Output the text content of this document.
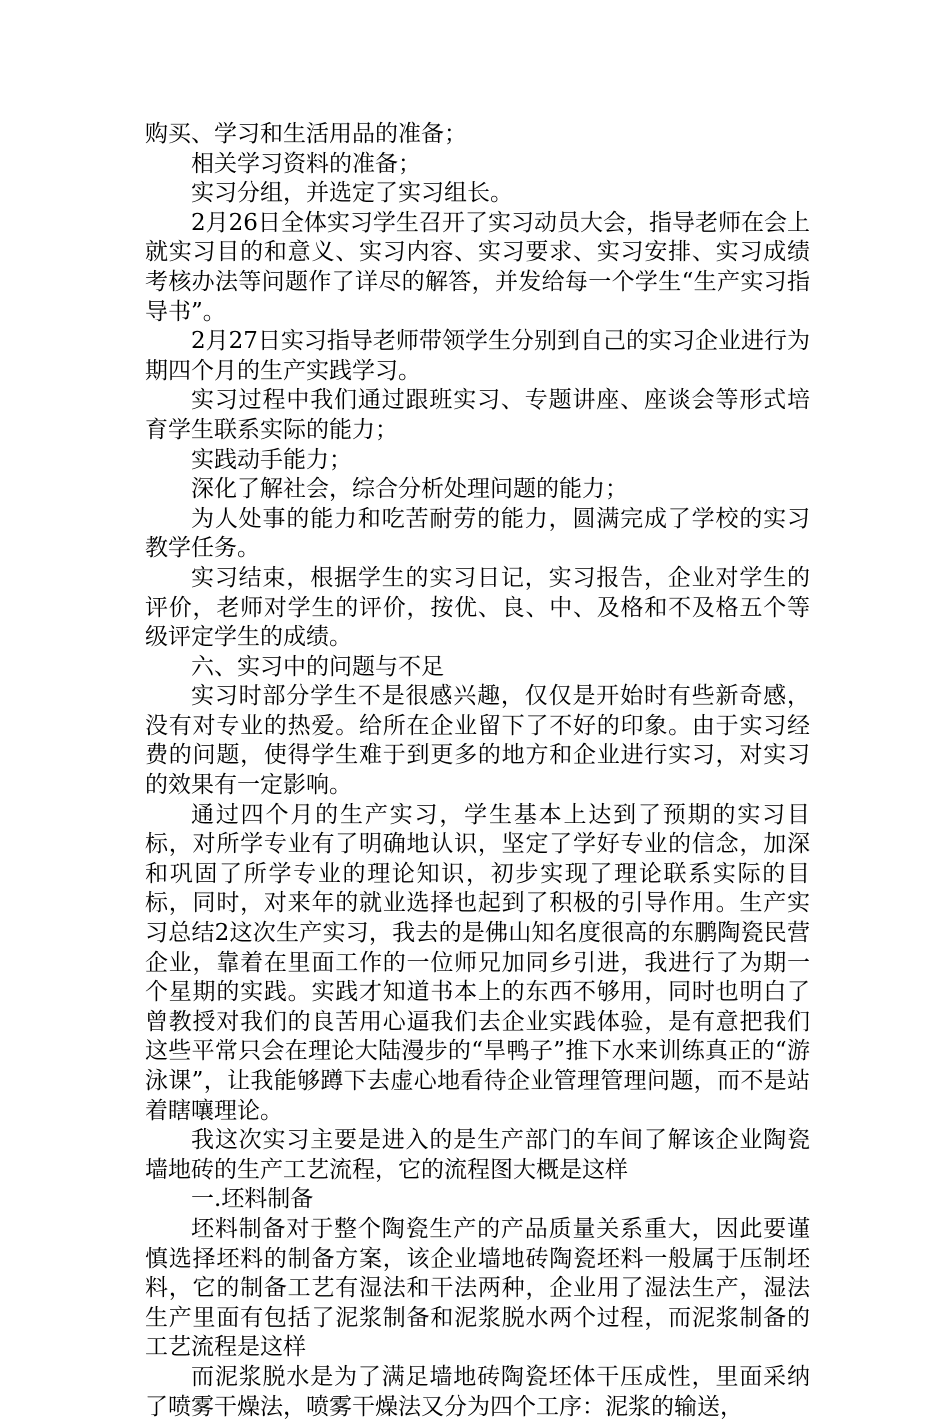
购买、学习和生活用品的准备；

相关学习资料的准备；

实习分组，并选定了实习组长。

2月26日全体实习学生召开了实习动员大会，指导老师在会上就实习目的和意义、实习内容、实习要求、实习安排、实习成绩考核办法等问题作了详尽的解答，并发给每一个学生“生产实习指导书”。

2月27日实习指导老师带领学生分别到自己的实习企业进行为期四个月的生产实践学习。

实习过程中我们通过跟班实习、专题讲座、座谈会等形式培育学生联系实际的能力；

实践动手能力；

深化了解社会，综合分析处理问题的能力；

为人处事的能力和吃苦耐劳的能力，圆满完成了学校的实习教学任务。

实习结束，根据学生的实习日记，实习报告，企业对学生的评价，老师对学生的评价，按优、良、中、及格和不及格五个等级评定学生的成绩。

六、实习中的问题与不足

实习时部分学生不是很感兴趣，仅仅是开始时有些新奇感，没有对专业的热爱。给所在企业留下了不好的印象。由于实习经费的问题，使得学生难于到更多的地方和企业进行实习，对实习的效果有一定影响。

通过四个月的生产实习，学生基本上达到了预期的实习目标，对所学专业有了明确地认识，坚定了学好专业的信念，加深和巩固了所学专业的理论知识，初步实现了理论联系实际的目标，同时，对来年的就业选择也起到了积极的引导作用。生产实习总结2这次生产实习，我去的是佛山知名度很高的东鹏陶瓷民营企业，靠着在里面工作的一位师兄加同乡引进，我进行了为期一个星期的实践。实践才知道书本上的东西不够用，同时也明白了曾教授对我们的良苦用心逼我们去企业实践体验，是有意把我们这些平常只会在理论大陆漫步的“旱鸭子”推下水来训练真正的“游泳课”，让我能够蹲下去虚心地看待企业管理管理问题，而不是站着瞎嚷理论。

我这次实习主要是进入的是生产部门的车间了解该企业陶瓷墙地砖的生产工艺流程，它的流程图大概是这样

一.坯料制备

坯料制备对于整个陶瓷生产的产品质量关系重大，因此要谨慎选择坯料的制备方案，该企业墙地砖陶瓷坯料一般属于压制坯料，它的制备工艺有湿法和干法两种，企业用了湿法生产，湿法生产里面有包括了泥浆制备和泥浆脱水两个过程，而泥浆制备的工艺流程是这样

而泥浆脱水是为了满足墙地砖陶瓷坯体干压成性，里面采纳了喷雾干燥法，喷雾干燥法又分为四个工序：泥浆的输送，
